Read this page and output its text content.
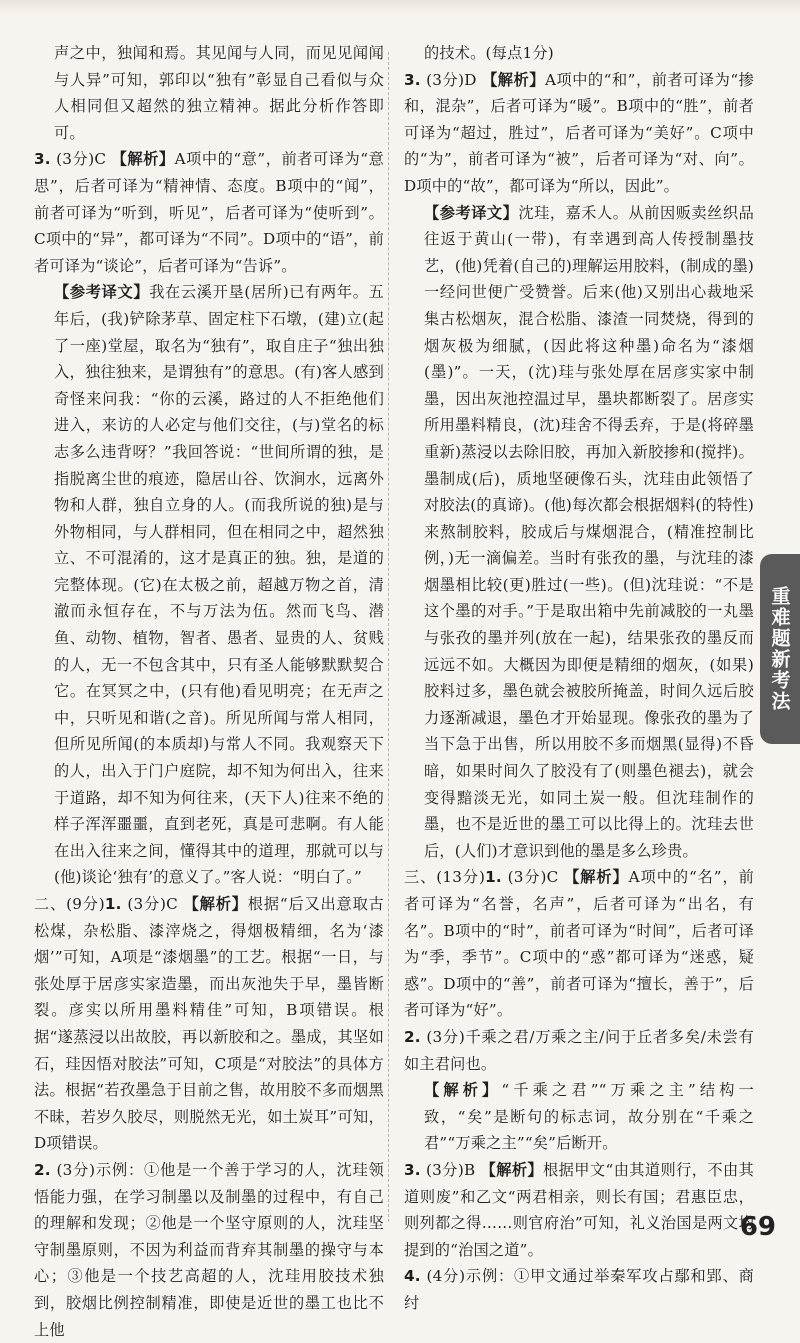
声之中，独闻和焉。其见闻与人同，而见见闻闻与人异”可知，郭印以“独有”彰显自己看似与众人相同但又超然的独立精神。据此分析作答即可。

3. (3分)C 【解析】A项中的“意”，前者可译为“意思”，后者可译为“精神情、态度。B项中的“闻”，前者可译为“听到，听见”，后者可译为“使听到”。C项中的“异”，都可译为“不同”。D项中的“语”，前者可译为“谈论”，后者可译为“告诉”。

【参考译文】我在云溪开垦(居所)已有两年。五年后，(我)铲除茅草、固定柱下石墩，(建)立(起了一座)堂屋，取名为“独有”，取自庄子“独出独入，独往独来，是谓独有”的意思。(有)客人感到奇怪来问我：“你的云溪，路过的人不拒绝他们进入，来访的人必定与他们交往，(与)堂名的标志多么违背呀？”我回答说：“世间所谓的独，是指脱离尘世的痕迹，隐居山谷、饮涧水，远离外物和人群，独自立身的人。(而我所说的独)是与外物相同，与人群相同，但在相同之中，超然独立、不可混淆的，这才是真正的独。独，是道的完整体现。(它)在太极之前，超越万物之首，清澈而永恒存在，不与万法为伍。然而飞鸟、潜鱼、动物、植物，智者、愚者、显贵的人、贫贱的人，无一不包含其中，只有圣人能够默默契合它。在冥冥之中，(只有他)看见明亮；在无声之中，只听见和谐(之音)。所见所闻与常人相同，但所见所闻(的本质却)与常人不同。我观察天下的人，出入于门户庭院，却不知为何出入，往来于道路，却不知为何往来，(天下人)往来不绝的样子浑浑噩噩，直到老死，真是可悲啊。有人能在出入往来之间，懂得其中的道理，那就可以与(他)谈论‘独有’的意义了。”客人说：“明白了。”

二、(9分)1. (3分)C 【解析】根据“后又出意取古松煤，杂松脂、漆滓烧之，得烟极精细，名为‘漆烟’”可知，A项是“漆烟墨”的工艺。根据“一日，与张处厚于居彦实家造墨，而出灰池失于早，墨皆断裂。彦实以所用墨料精佳”可知，B项错误。根据“遂蒸浸以出故胶，再以新胶和之。墨成，其坚如石，珪因悟对胶法”可知，C项是“对胶法”的具体方法。根据“若孜墨急于目前之售，故用胶不多而烟黑不昧，若岁久胶尽，则脱然无光，如土炭耳”可知，D项错误。

2. (3分)示例：①他是一个善于学习的人，沈珪领悟能力强，在学习制墨以及制墨的过程中，有自己的理解和发现；②他是一个坚守原则的人，沈珪坚守制墨原则，不因为利益而背弃其制墨的操守与本心；③他是一个技艺高超的人，沈珪用胶技术独到，胶烟比例控制精准，即使是近世的墨工也比不上他

的技术。(每点1分)

3. (3分)D 【解析】A项中的“和”，前者可译为“掺和，混杂”，后者可译为“暖”。B项中的“胜”，前者可译为“超过，胜过”，后者可译为“美好”。C项中的“为”，前者可译为“被”，后者可译为“对、向”。D项中的“故”，都可译为“所以，因此”。

【参考译文】沈珪，嘉禾人。从前因贩卖丝织品往返于黄山(一带)，有幸遇到高人传授制墨技艺，(他)凭着(自己的)理解运用胶料，(制成的墨)一经问世便广受赞誉。后来(他)又别出心裁地采集古松烟灰，混合松脂、漆渣一同焚烧，得到的烟灰极为细腻，(因此将这种墨)命名为“漆烟(墨)”。一天，(沈)珪与张处厚在居彦实家中制墨，因出灰池控温过早，墨块都断裂了。居彦实所用墨料精良，(沈)珪舍不得丢弃，于是(将碎墨重新)蒸浸以去除旧胶，再加入新胶掺和(搅拌)。墨制成(后)，质地坚硬像石头，沈珪由此领悟了对胶法(的真谛)。(他)每次都会根据烟料(的特性)来熬制胶料，胶成后与煤烟混合，(精准控制比例，)无一滴偏差。当时有张孜的墨，与沈珪的漆烟墨相比较(更)胜过(一些)。(但)沈珪说：“不是这个墨的对手。”于是取出箱中先前减胶的一丸墨与张孜的墨并列(放在一起)，结果张孜的墨反而远远不如。大概因为即便是精细的烟灰，(如果)胶料过多，墨色就会被胶所掩盖，时间久远后胶力逐渐减退，墨色才开始显现。像张孜的墨为了当下急于出售，所以用胶不多而烟黑(显得)不昏暗，如果时间久了胶没有了(则墨色褪去)，就会变得黯淡无光，如同土炭一般。但沈珪制作的墨，也不是近世的墨工可以比得上的。沈珪去世后，(人们)才意识到他的墨是多么珍贵。

三、(13分)1. (3分)C 【解析】A项中的“名”，前者可译为“名誉，名声”，后者可译为“出名，有名”。B项中的“时”，前者可译为“时间”，后者可译为“季，季节”。C项中的“惑”都可译为“迷惑，疑惑”。D项中的“善”，前者可译为“擅长，善于”，后者可译为“好”。

2. (3分)千乘之君/万乘之主/问于丘者多矣/未尝有如主君问也。

【解析】“千乘之君”“万乘之主”结构一致，“矣”是断句的标志词，故分别在“千乘之君”“万乘之主”“矣”后断开。

3. (3分)B 【解析】根据甲文“由其道则行，不由其道则废”和乙文“两君相亲，则长有国；君惠臣忠，则列都之得……则官府治”可知，礼义治国是两文均提到的“治国之道”。

4. (4分)示例：①甲文通过举秦军攻占鄢和郢、商纣

重难题新考法
69
